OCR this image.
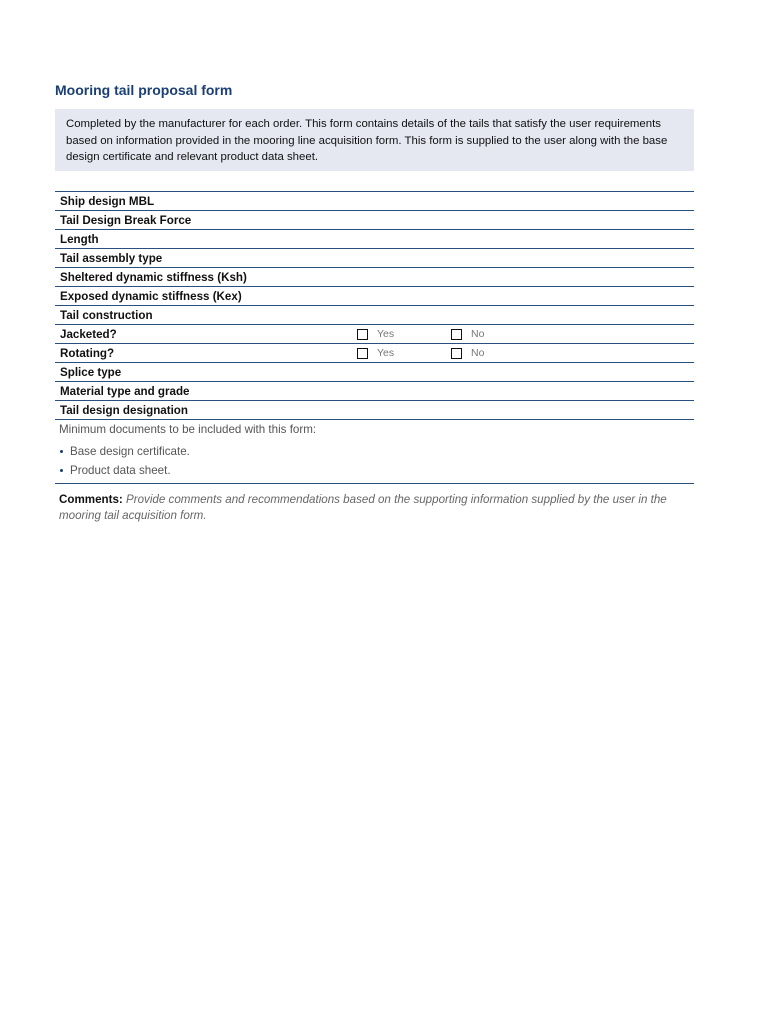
Mooring tail proposal form
Completed by the manufacturer for each order. This form contains details of the tails that satisfy the user requirements based on information provided in the mooring line acquisition form. This form is supplied to the user along with the base design certificate and relevant product data sheet.
Ship design MBL
Tail Design Break Force
Length
Tail assembly type
Sheltered dynamic stiffness (Ksh)
Exposed dynamic stiffness (Kex)
Tail construction
Jacketed?	Yes	No
Rotating?	Yes	No
Splice type
Material type and grade
Tail design designation
Minimum documents to be included with this form:
Base design certificate.
Product data sheet.
Comments: Provide comments and recommendations based on the supporting information supplied by the user in the mooring tail acquisition form.
